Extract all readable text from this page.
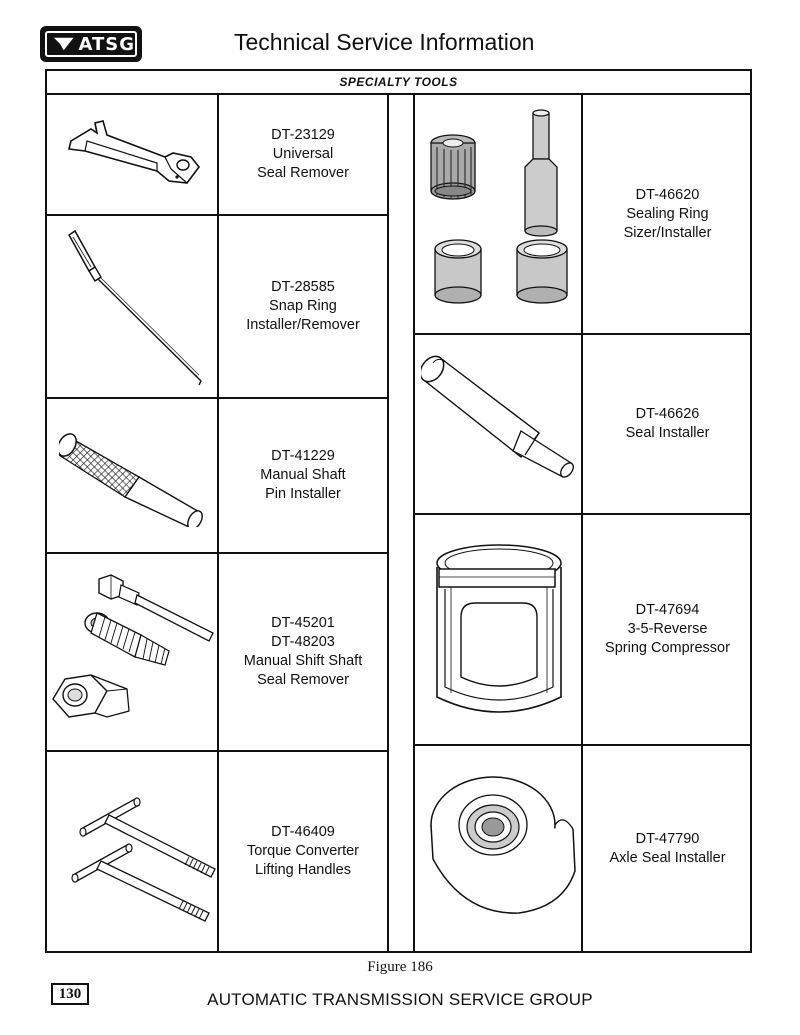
ATSG	Technical Service Information
SPECIALTY TOOLS
DT-23129
Universal
Seal Remover
DT-28585
Snap Ring
Installer/Remover
DT-41229
Manual Shaft
Pin Installer
DT-45201
DT-48203
Manual Shift Shaft
Seal Remover
DT-46409
Torque Converter
Lifting Handles
DT-46620
Sealing Ring
Sizer/Installer
DT-46626
Seal Installer
DT-47694
3-5-Reverse
Spring Compressor
DT-47790
Axle Seal Installer
Figure 186
130	AUTOMATIC TRANSMISSION SERVICE GROUP
